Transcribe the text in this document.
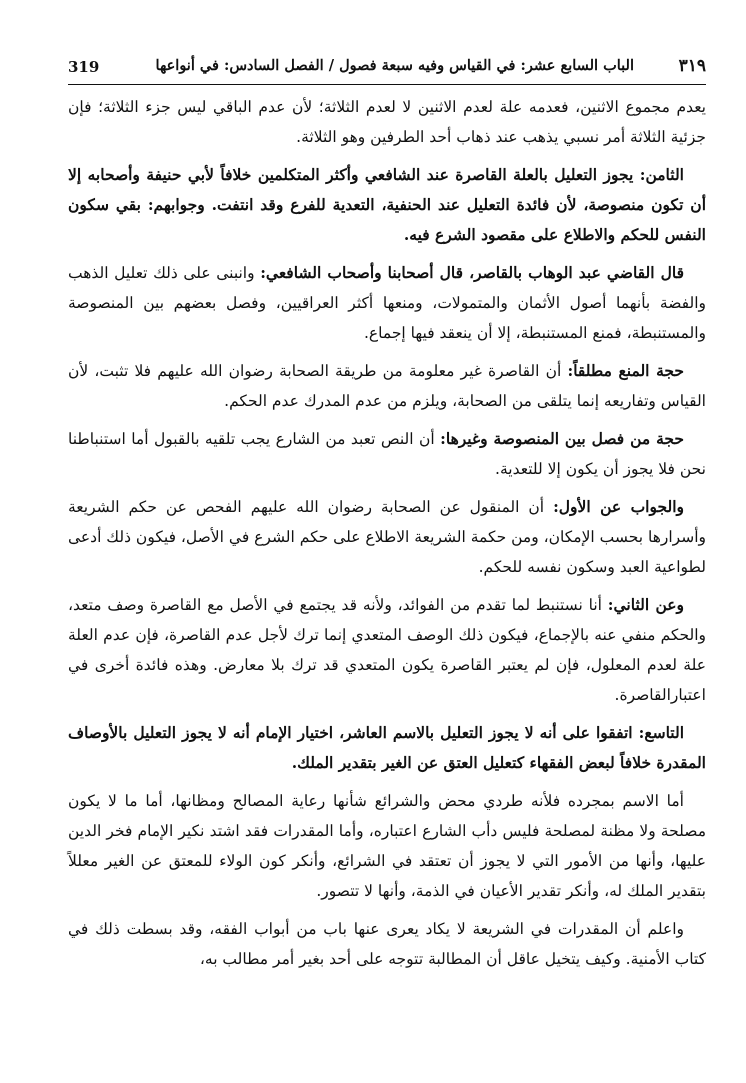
319	الباب السابع عشر: في القياس وفيه سبعة فصول / الفصل السادس: في أنواعها	٣١٩

يعدم مجموع الاثنين، فعدمه علة لعدم الاثنين لا لعدم الثلاثة؛ لأن عدم الباقي ليس جزء الثلاثة؛ فإن جزئية الثلاثة أمر نسبي يذهب عند ذهاب أحد الطرفين وهو الثلاثة.

الثامن: يجوز التعليل بالعلة القاصرة عند الشافعي وأكثر المتكلمين خلافاً لأبي حنيفة وأصحابه إلا أن تكون منصوصة، لأن فائدة التعليل عند الحنفية، التعدية للفرع وقد انتفت. وجوابهم: بقي سكون النفس للحكم والاطلاع على مقصود الشرع فيه.

قال القاضي عبد الوهاب بالقاصر، قال أصحابنا وأصحاب الشافعي: وانبنى على ذلك تعليل الذهب والفضة بأنهما أصول الأثمان والمتمولات، ومنعها أكثر العراقيين، وفصل بعضهم بين المنصوصة والمستنبطة، فمنع المستنبطة، إلا أن ينعقد فيها إجماع.

حجة المنع مطلقاً: أن القاصرة غير معلومة من طريقة الصحابة رضوان الله عليهم فلا تثبت، لأن القياس وتفاريعه إنما يتلقى من الصحابة، ويلزم من عدم المدرك عدم الحكم.

حجة من فصل بين المنصوصة وغيرها: أن النص تعبد من الشارع يجب تلقيه بالقبول أما استنباطنا نحن فلا يجوز أن يكون إلا للتعدية.

والجواب عن الأول: أن المنقول عن الصحابة رضوان الله عليهم الفحص عن حكم الشريعة وأسرارها بحسب الإمكان، ومن حكمة الشريعة الاطلاع على حكم الشرع في الأصل، فيكون ذلك أدعى لطواعية العبد وسكون نفسه للحكم.

وعن الثاني: أنا نستنبط لما تقدم من الفوائد، ولأنه قد يجتمع في الأصل مع القاصرة وصف متعد، والحكم منفي عنه بالإجماع، فيكون ذلك الوصف المتعدي إنما ترك لأجل عدم القاصرة، فإن عدم العلة علة لعدم المعلول، فإن لم يعتبر القاصرة يكون المتعدي قد ترك بلا معارض. وهذه فائدة أخرى في اعتبارالقاصرة.

التاسع: اتفقوا على أنه لا يجوز التعليل بالاسم العاشر، اختيار الإمام أنه لا يجوز التعليل بالأوصاف المقدرة خلافاً لبعض الفقهاء كتعليل العتق عن الغير بتقدير الملك.

أما الاسم بمجرده فلأنه طردي محض والشرائع شأنها رعاية المصالح ومظانها، أما ما لا يكون مصلحة ولا مظنة لمصلحة فليس دأب الشارع اعتباره، وأما المقدرات فقد اشتد نكير الإمام فخر الدين عليها، وأنها من الأمور التي لا يجوز أن تعتقد في الشرائع، وأنكر كون الولاء للمعتق عن الغير معللاً بتقدير الملك له، وأنكر تقدير الأعيان في الذمة، وأنها لا تتصور.

واعلم أن المقدرات في الشريعة لا يكاد يعرى عنها باب من أبواب الفقه، وقد بسطت ذلك في كتاب الأمنية. وكيف يتخيل عاقل أن المطالبة تتوجه على أحد بغير أمر مطالب به،
